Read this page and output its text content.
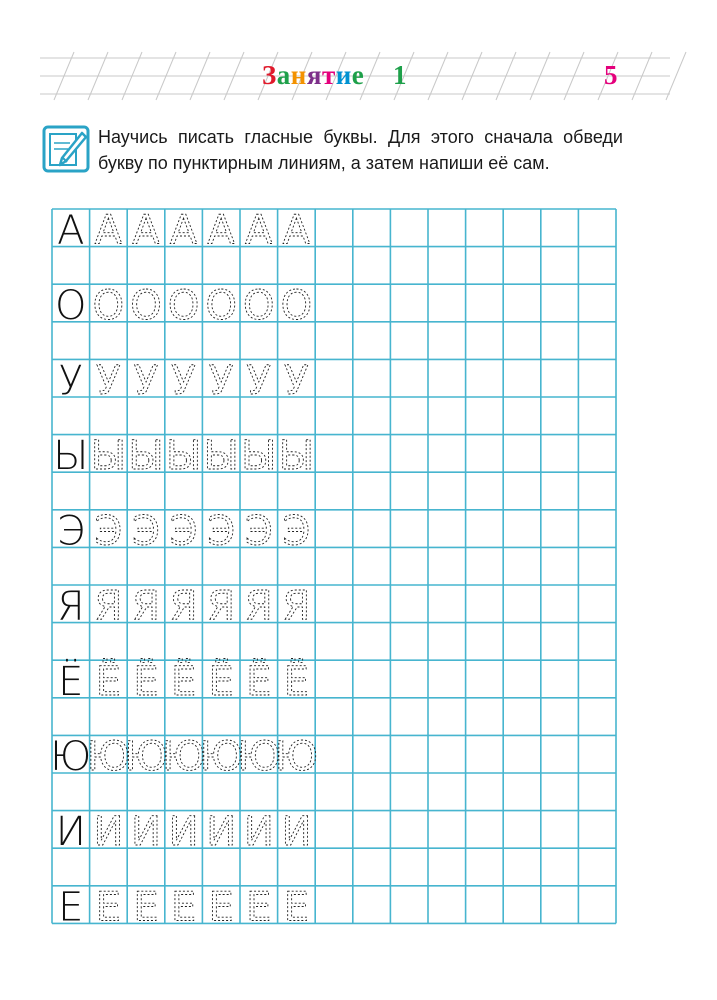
Занятие 1	5
Научись писать гласные буквы. Для этого сначала обведи букву по пунктирным линиям, а затем напиши её сам.
А А А А А А А
О О О О О О О
У У У У У У У
Ы Ы Ы Ы Ы Ы Ы
Э Э Э Э Э Э Э
Я Я Я Я Я Я Я
Ё Ё Ё Ё Ё Ё Ё
Ю
Ю
Ю
Ю
Ю
Ю
Ю
И И И И И И И
Е Е Е Е Е Е Е
